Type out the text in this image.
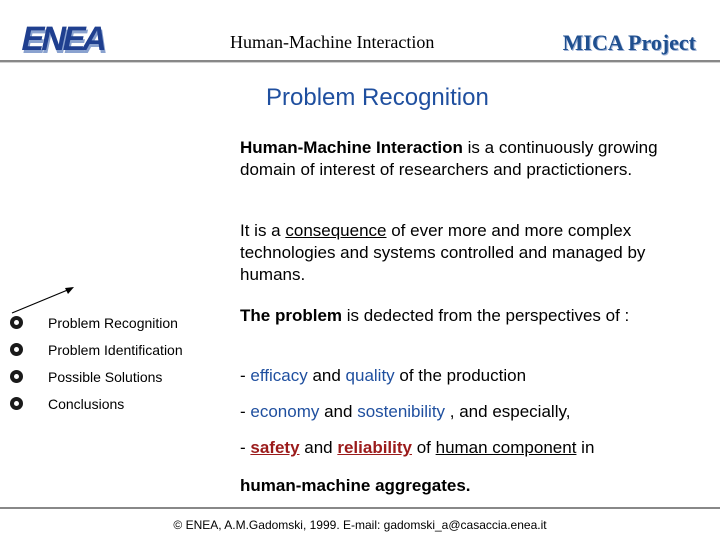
ENEA	Human-Machine Interaction	MICA Project
Problem Recognition
Human-Machine Interaction is a continuously growing domain of interest of researchers and practictioners.
It is a consequence of ever more and more complex technologies and systems controlled and managed by humans.
The problem is dedected from the perspectives of :
- efficacy and quality of the production
- economy and sostenibility , and especially,
- safety and reliability of human component in
human-machine aggregates.
Problem Recognition
Problem Identification
Possible Solutions
Conclusions
© ENEA, A.M.Gadomski, 1999. E-mail: gadomski_a@casaccia.enea.it
